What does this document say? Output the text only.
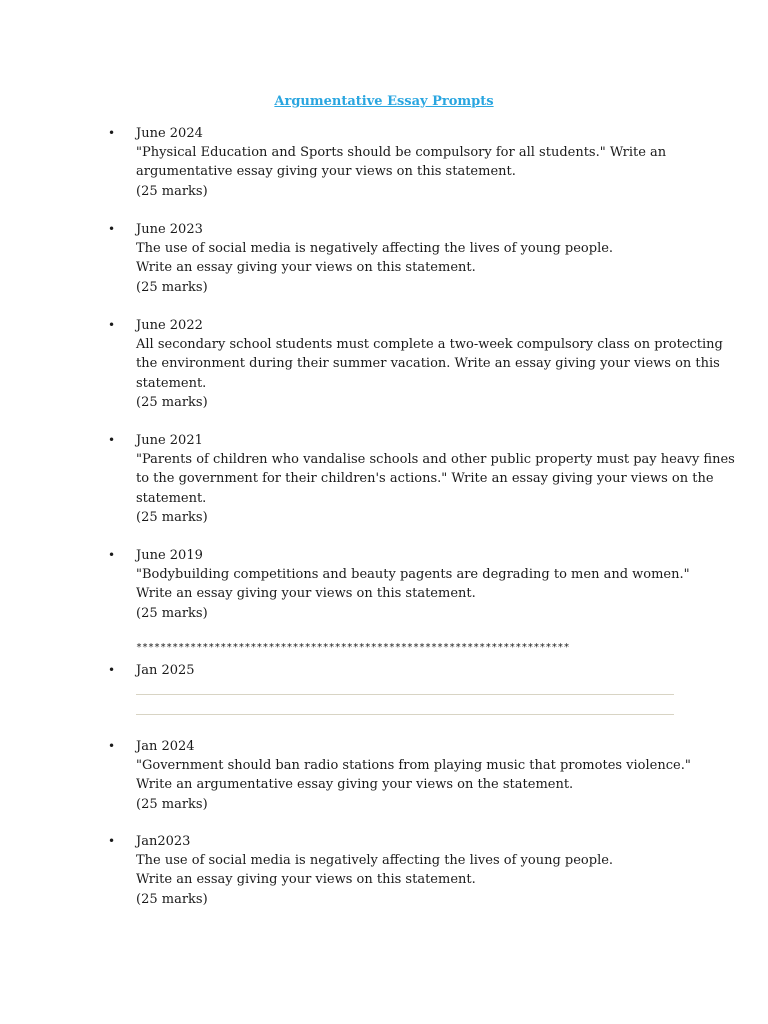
Argumentative Essay Prompts
• June 2024
"Physical Education and Sports should be compulsory for all students." Write an
argumentative essay giving your views on this statement.
(25 marks)
• June 2023
The use of social media is negatively affecting the lives of young people.
Write an essay giving your views on this statement.
(25 marks)
• June 2022
All secondary school students must complete a two-week compulsory class on protecting
the environment during their summer vacation. Write an essay giving your views on this
statement.
(25 marks)
• June 2021
"Parents of children who vandalise schools and other public property must pay heavy fines
to the government for their children's actions." Write an essay giving your views on the
statement.
(25 marks)
• June 2019
"Bodybuilding competitions and beauty pagents are degrading to men and women."
Write an essay giving your views on this statement.
(25 marks)
************************************************************************
• Jan 2025
• Jan 2024
"Government should ban radio stations from playing music that promotes violence."
Write an argumentative essay giving your views on the statement.
(25 marks)
• Jan2023
The use of social media is negatively affecting the lives of young people.
Write an essay giving your views on this statement.
(25 marks)
